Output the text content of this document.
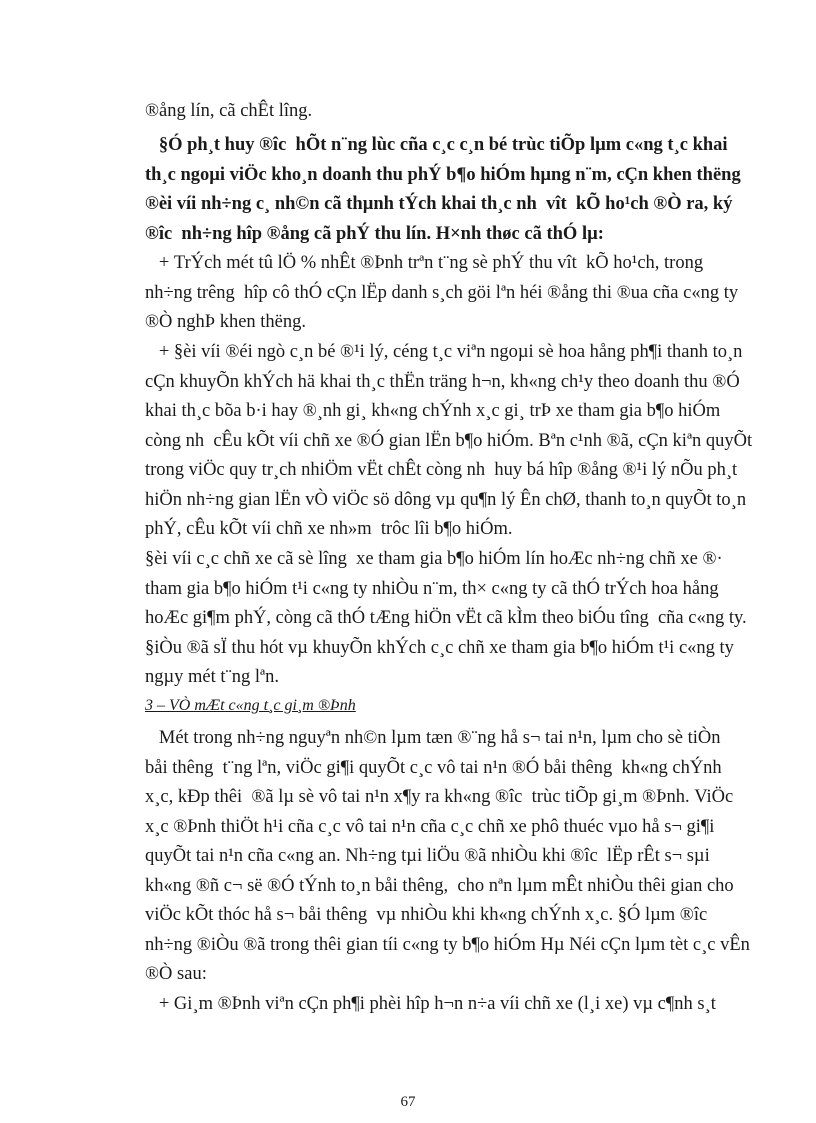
®ång lín, cã chÊt lîng.
§Ó ph¸t huy ®îc  hÕt n¨ng lùc cña c¸c c¸n bé trùc tiÕp lµm c«ng t¸c khai
th¸c ngoµi viÖc kho¸n doanh thu phÝ b¶o hiÓm hµng n¨m, cÇn khen thëng
®èi víi nh÷ng c¸ nh©n cã thµnh tÝch khai th¸c nh  vît  kÕ ho¹ch ®Ò ra, ký
®îc  nh÷ng hîp ®ång cã phÝ thu lín. H×nh thøc cã thÓ lµ:
+ TrÝch mét tû lÖ % nhÊt ®Þnh trªn t¨ng sè phÝ thu vît  kÕ ho¹ch, trong
nh÷ng trêng  hîp cô thÓ cÇn lËp danh s¸ch göi lªn héi ®ång thi ®ua cña c«ng ty
®Ò nghÞ khen thëng.
+ §èi víi ®éi ngò c¸n bé ®¹i lý, céng t¸c viªn ngoµi sè hoa hång ph¶i thanh to¸n
cÇn khuyÕn khÝch hä khai th¸c thËn träng h¬n, kh«ng ch¹y theo doanh thu ®Ó
khai th¸c bõa b·i hay ®¸nh gi¸ kh«ng chÝnh x¸c gi¸ trÞ xe tham gia b¶o hiÓm
còng nh  cÊu kÕt víi chñ xe ®Ó gian lËn b¶o hiÓm. Bªn c¹nh ®ã, cÇn kiªn quyÕt
trong viÖc quy tr¸ch nhiÖm vËt chÊt còng nh  huy bá hîp ®ång ®¹i lý nÕu ph¸t
hiÖn nh÷ng gian lËn vÒ viÖc sö dông vµ qu¶n lý Ên chØ, thanh to¸n quyÕt to¸n
phÝ, cÊu kÕt víi chñ xe nh»m  trôc lîi b¶o hiÓm.
§èi víi c¸c chñ xe cã sè lîng  xe tham gia b¶o hiÓm lín hoÆc nh÷ng chñ xe ®·
tham gia b¶o hiÓm t¹i c«ng ty nhiÒu n¨m, th× c«ng ty cã thÓ trÝch hoa hång
hoÆc gi¶m phÝ, còng cã thÓ tÆng hiÖn vËt cã kÌm theo biÓu tîng  cña c«ng ty.
§iÒu ®ã sÏ thu hót vµ khuyÕn khÝch c¸c chñ xe tham gia b¶o hiÓm t¹i c«ng ty
ngµy mét t¨ng lªn.
3 – VÒ mÆt c«ng t¸c gi¸m ®Þnh
Mét trong nh÷ng nguyªn nh©n lµm tæn ®¨ng hå s¬ tai n¹n, lµm cho sè tiÒn
båi thêng  t¨ng lªn, viÖc gi¶i quyÕt c¸c vô tai n¹n ®Ó båi thêng  kh«ng chÝnh
x¸c, kÐp thêi  ®ã lµ sè vô tai n¹n x¶y ra kh«ng ®îc  trùc tiÕp gi¸m ®Þnh. ViÖc
x¸c ®Þnh thiÖt h¹i cña c¸c vô tai n¹n cña c¸c chñ xe phô thuéc vµo hå s¬ gi¶i
quyÕt tai n¹n cña c«ng an. Nh÷ng tµi liÖu ®ã nhiÒu khi ®îc  lËp rÊt s¬ sµi
kh«ng ®ñ c¬ së ®Ó tÝnh to¸n båi thêng,  cho nªn lµm mÊt nhiÒu thêi gian cho
viÖc kÕt thóc hå s¬ båi thêng  vµ nhiÒu khi kh«ng chÝnh x¸c. §Ó lµm ®îc
nh÷ng ®iÒu ®ã trong thêi gian tíi c«ng ty b¶o hiÓm Hµ Néi cÇn lµm tèt c¸c vÊn
®Ò sau:
+ Gi¸m ®Þnh viªn cÇn ph¶i phèi hîp h¬n n÷a víi chñ xe (l¸i xe) vµ c¶nh s¸t
67
